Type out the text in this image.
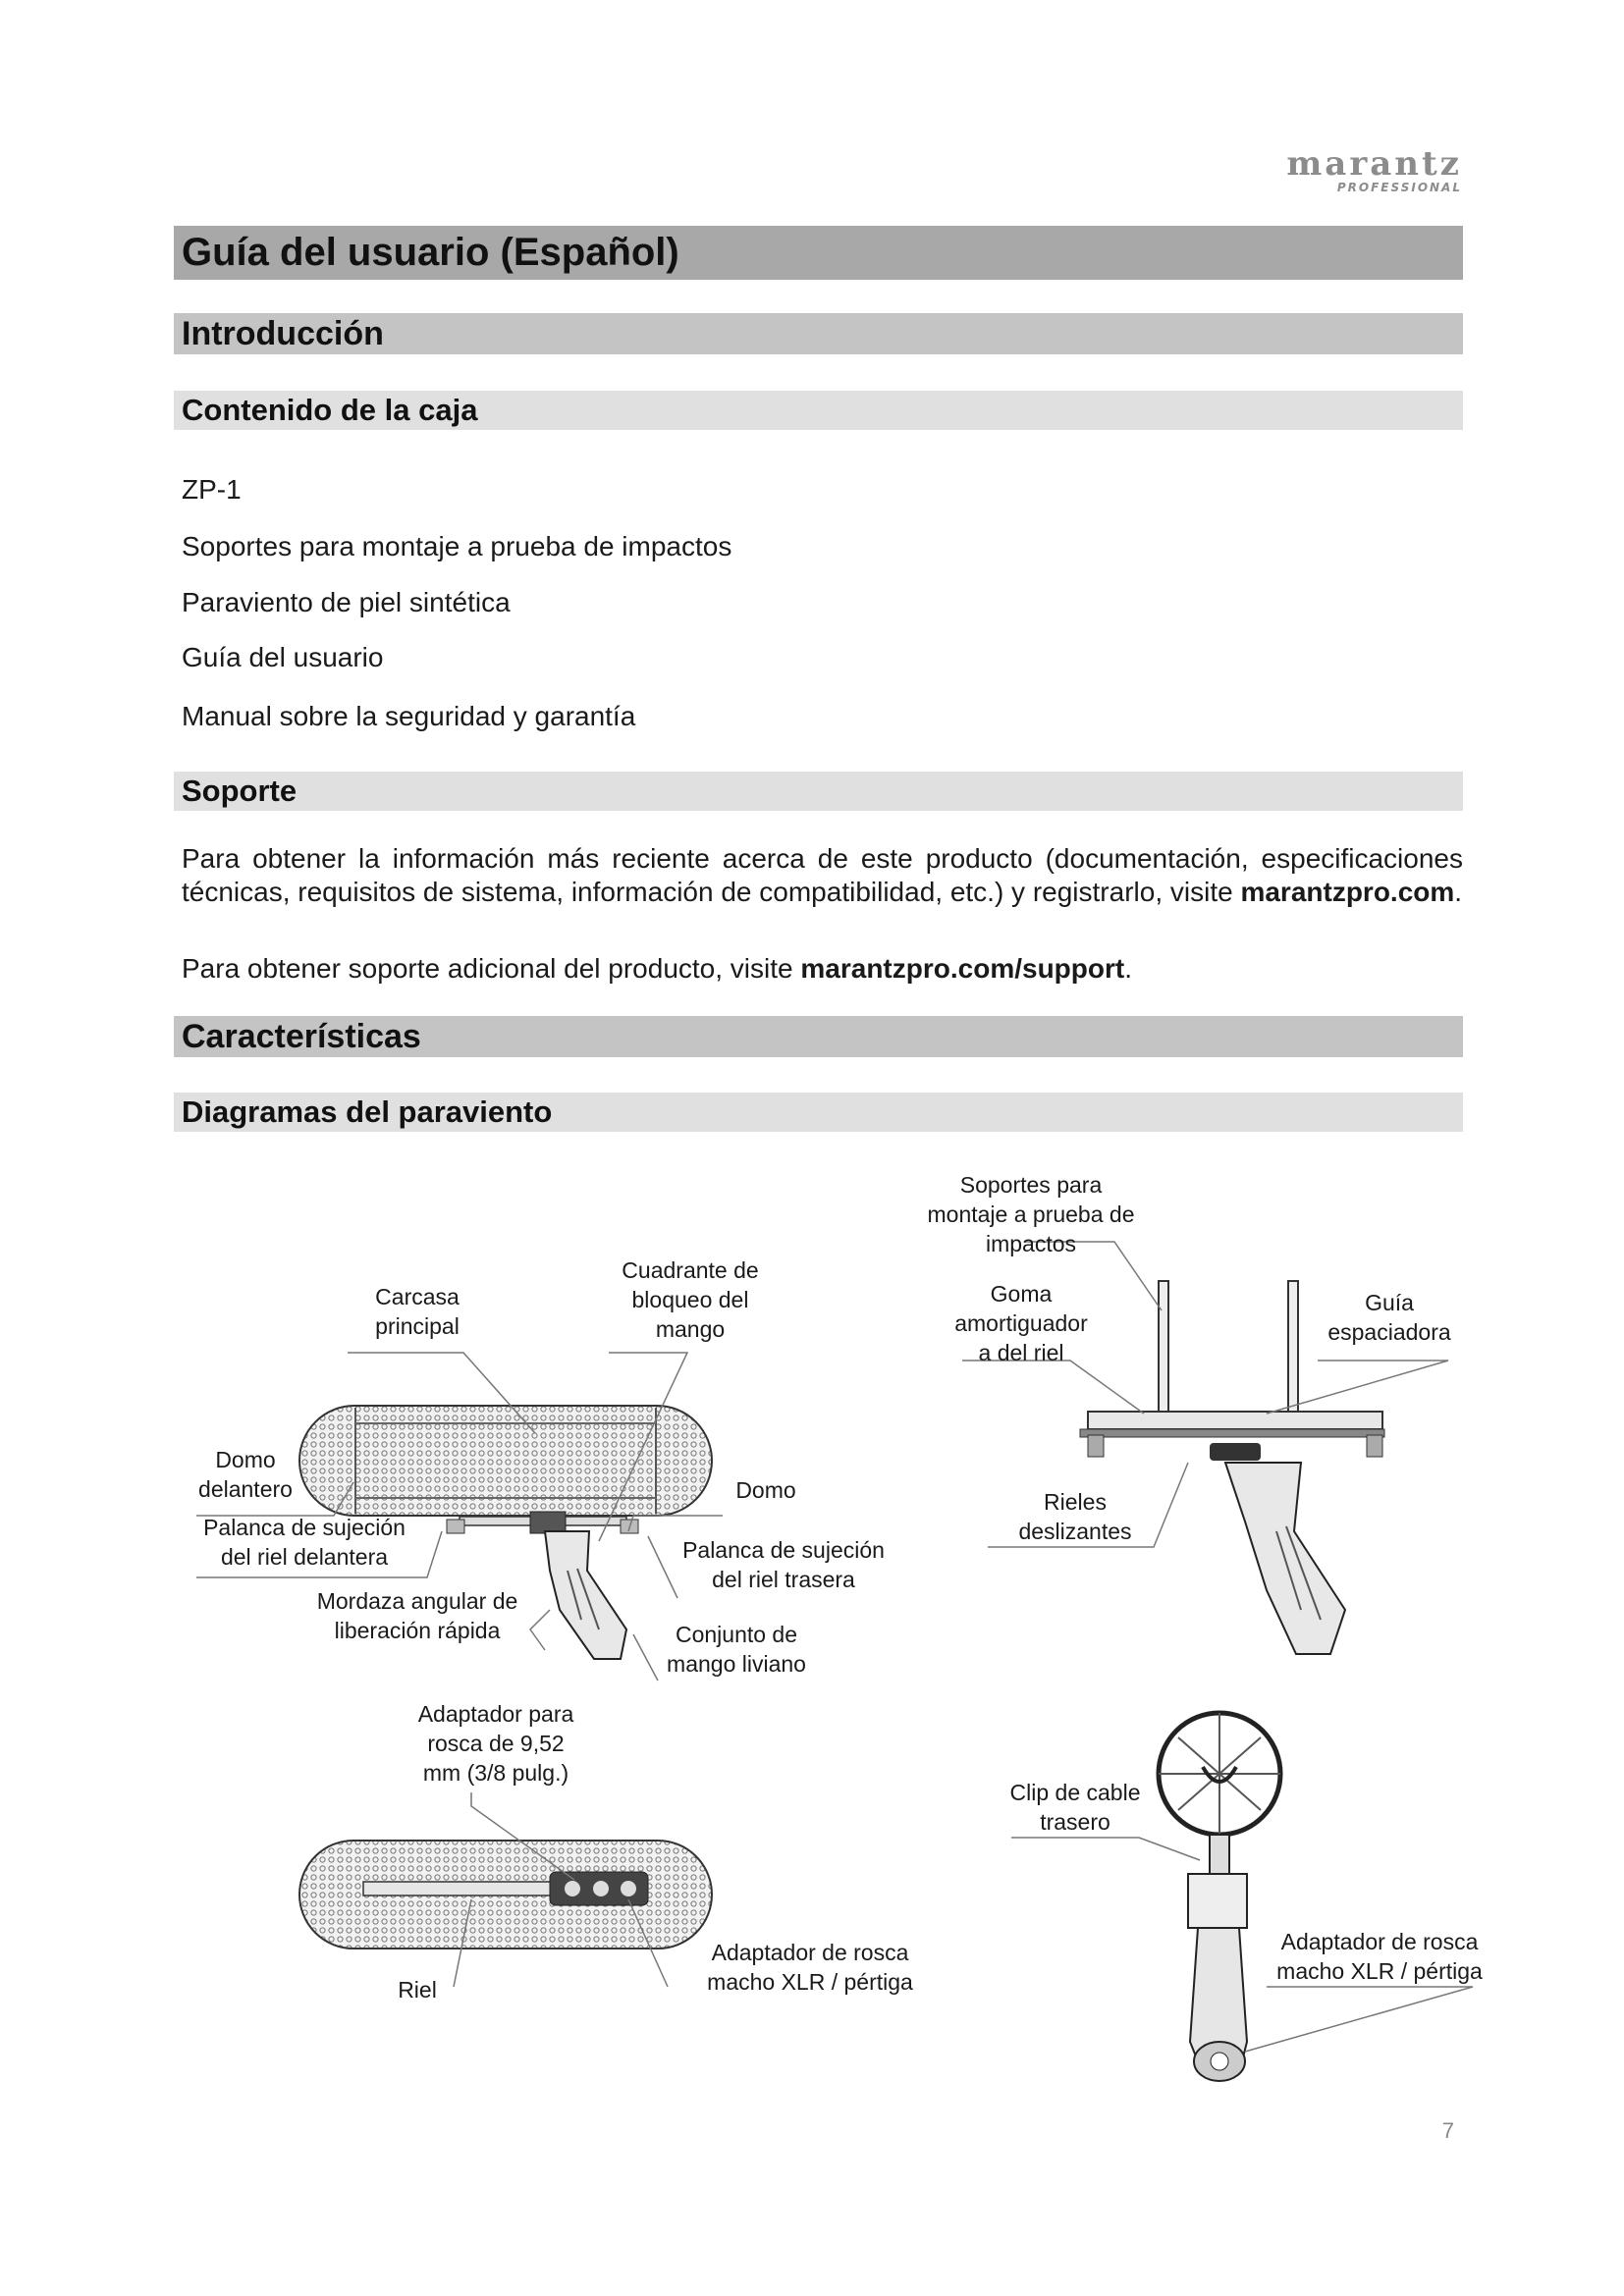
marantz
PROFESSIONAL
Guía del usuario (Español)
Introducción
Contenido de la caja
ZP-1
Soportes para montaje a prueba de impactos
Paraviento de piel sintética
Guía del usuario
Manual sobre la seguridad y garantía
Soporte
Para obtener la información más reciente acerca de este producto (documentación, especificaciones técnicas, requisitos de sistema, información de compatibilidad, etc.) y registrarlo, visite marantzpro.com.
Para obtener soporte adicional del producto, visite marantzpro.com/support.
Características
Diagramas del paraviento
Carcasa
principal
Cuadrante de
bloqueo del
mango
Domo
delantero	Domo
Palanca de sujeción
del riel delantera	Palanca de sujeción
del riel trasera
Mordaza angular de
liberación rápida	Conjunto de
mango liviano
Adaptador para
rosca de 9,52
mm (3/8 pulg.)
Riel
Adaptador de rosca
macho XLR / pértiga
Soportes para
montaje a prueba de
impactos
Goma
amortiguador
a del riel
Guía
espaciadora
Rieles
deslizantes
Clip de cable
trasero
Adaptador de rosca
macho XLR / pértiga
7
